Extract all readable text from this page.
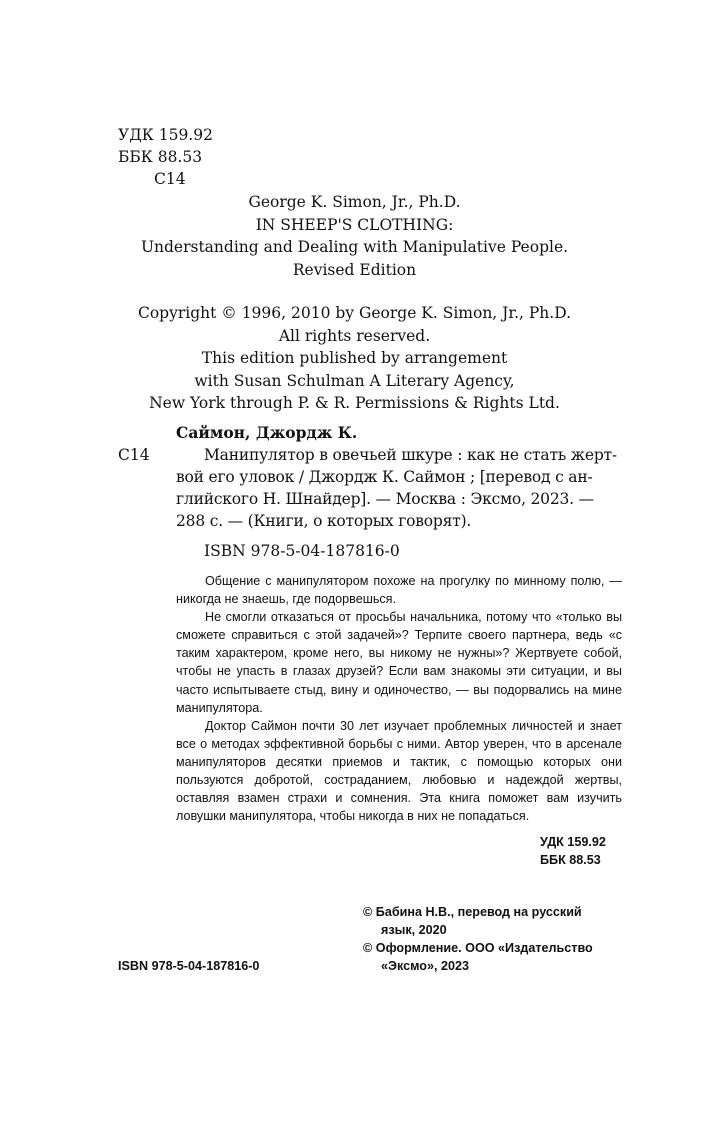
УДК 159.92
ББК 88.53
С14
George K. Simon, Jr., Ph.D.
IN SHEEP'S CLOTHING:
Understanding and Dealing with Manipulative People.
Revised Edition
Copyright © 1996, 2010 by George K. Simon, Jr., Ph.D.
All rights reserved.
This edition published by arrangement
with Susan Schulman A Literary Agency,
New York through P. & R. Permissions & Rights Ltd.
Саймон, Джордж К.
С14	Манипулятор в овечьей шкуре : как не стать жерт-
вой его уловок / Джордж К. Саймон ; [перевод с ан-
глийского Н. Шнайдер]. — Москва : Эксмо, 2023. —
288 с. — (Книги, о которых говорят).
ISBN 978-5-04-187816-0

Общение с манипулятором похоже на прогулку по минному полю, — никогда не знаешь, где подорвешься.

Не смогли отказаться от просьбы начальника, потому что «только вы сможете справиться с этой задачей»? Терпите своего партнера, ведь «с таким характером, кроме него, вы никому не нужны»? Жертвуете собой, чтобы не упасть в глазах друзей? Если вам знакомы эти ситуации, и вы часто испытываете стыд, вину и одиночество, — вы подорвались на мине манипулятора.

Доктор Саймон почти 30 лет изучает проблемных личностей и знает все о методах эффективной борьбы с ними. Автор уверен, что в арсенале манипуляторов десятки приемов и тактик, с помощью которых они пользуются добротой, состраданием, любовью и надеждой жертвы, оставляя взамен страхи и сомнения. Эта книга поможет вам изучить ловушки манипулятора, чтобы никогда в них не попадаться.

УДК 159.92
ББК 88.53
© Бабина Н.В., перевод на русский
язык, 2020
© Оформление. ООО «Издательство
«Эксмо», 2023
ISBN 978-5-04-187816-0
